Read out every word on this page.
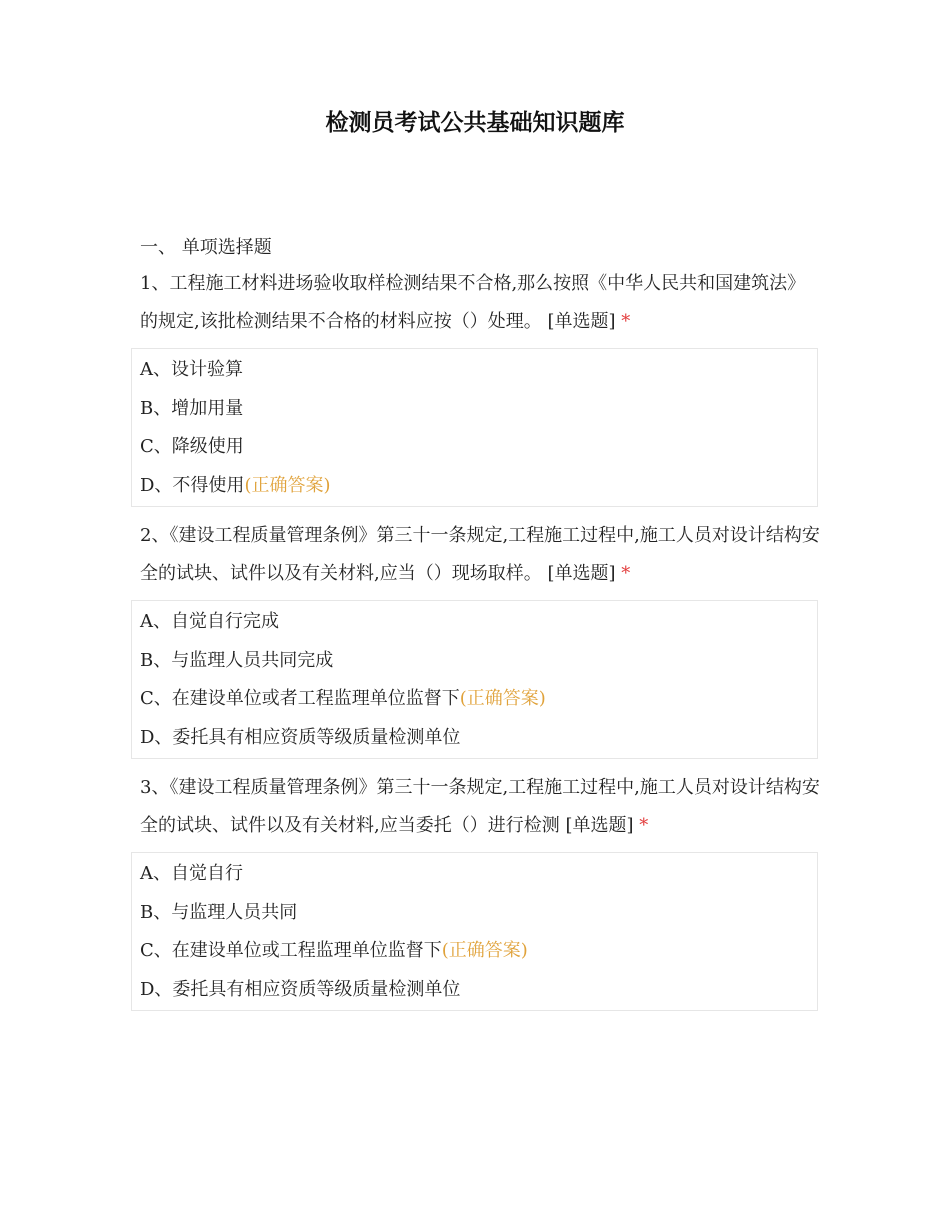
检测员考试公共基础知识题库
一、 单项选择题

1、工程施工材料进场验收取样检测结果不合格,那么按照《中华人民共和国建筑法》的规定,该批检测结果不合格的材料应按（）处理。 [单选题] *

A、设计验算
B、增加用量
C、降级使用
D、不得使用(正确答案)

2、《建设工程质量管理条例》第三十一条规定,工程施工过程中,施工人员对设计结构安全的试块、试件以及有关材料,应当（）现场取样。 [单选题] *

A、自觉自行完成
B、与监理人员共同完成
C、在建设单位或者工程监理单位监督下(正确答案)
D、委托具有相应资质等级质量检测单位

3、《建设工程质量管理条例》第三十一条规定,工程施工过程中,施工人员对设计结构安全的试块、试件以及有关材料,应当委托（）进行检测 [单选题] *

A、自觉自行
B、与监理人员共同
C、在建设单位或工程监理单位监督下(正确答案)
D、委托具有相应资质等级质量检测单位
